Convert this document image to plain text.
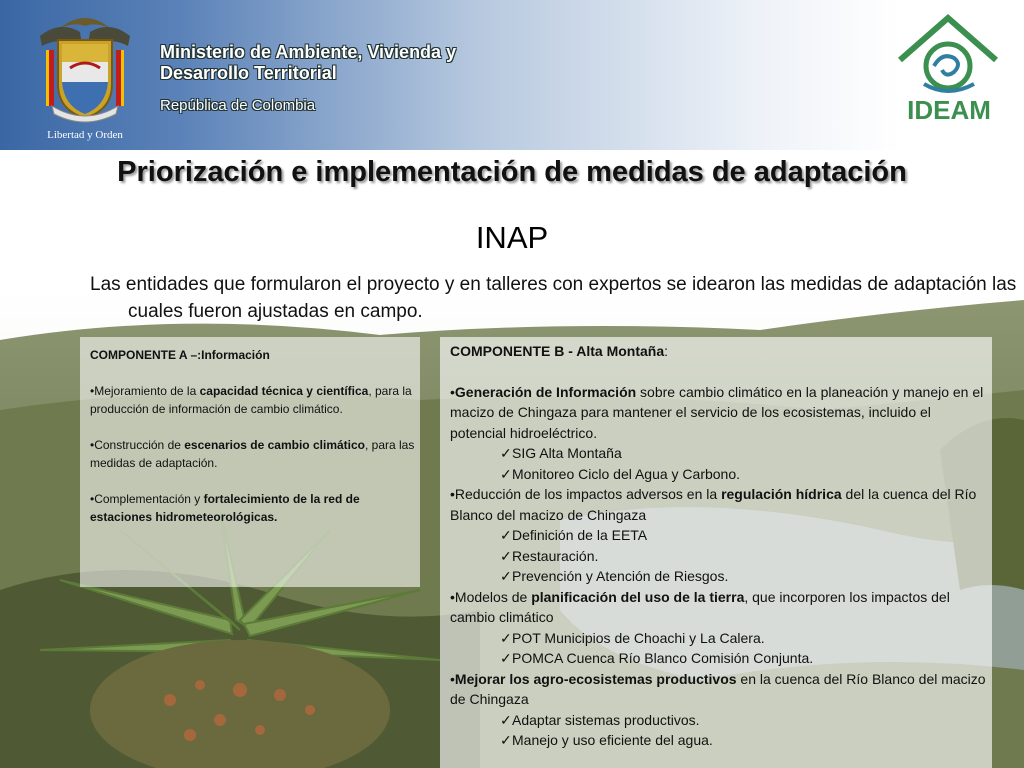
Libertad y Orden
Ministerio de Ambiente, Vivienda y
Desarrollo Territorial
República de Colombia	IDEAM
Priorización e implementación de medidas de adaptación
INAP
Las entidades que formularon el proyecto y en talleres con expertos se idearon las medidas de adaptación las cuales fueron ajustadas en campo.

COMPONENTE A –:Información

•Mejoramiento de la capacidad técnica y científica, para la producción de información de cambio climático.

•Construcción de escenarios de cambio climático, para las medidas de adaptación.

•Complementación y fortalecimiento de la red de estaciones hidrometeorológicas.

COMPONENTE B - Alta Montaña:

•Generación de Información sobre cambio climático en la planeación y manejo en el macizo de Chingaza para mantener el servicio de los ecosistemas, incluido el potencial hidroeléctrico.

✓SIG Alta Montaña

✓Monitoreo Ciclo del Agua y Carbono.

•Reducción de los impactos adversos en la regulación hídrica del la cuenca del Río Blanco del macizo de Chingaza

✓Definición de la EETA

✓Restauración.

✓Prevención y Atención de Riesgos.

•Modelos de planificación del uso de la tierra, que incorporen los impactos del cambio climático

✓POT Municipios de Choachi y La Calera.

✓POMCA Cuenca Río Blanco Comisión Conjunta.

•Mejorar los agro-ecosistemas productivos en la cuenca del Río Blanco del macizo de Chingaza

✓Adaptar sistemas productivos.

✓Manejo y uso eficiente del agua.
